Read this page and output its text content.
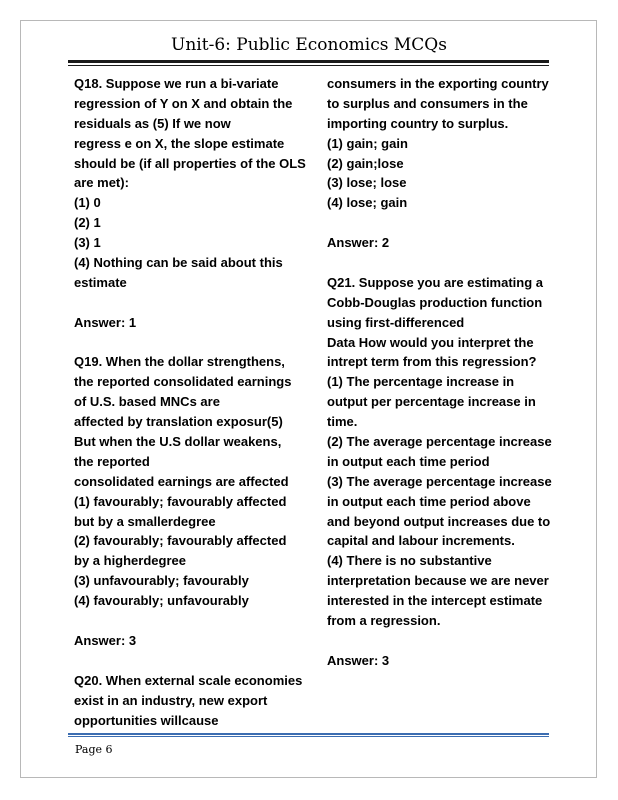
Unit-6: Public Economics MCQs
Q18. Suppose we run a bi-variate
regression of Y on X and obtain the
residuals as (5) If we now
regress e on X, the slope estimate
should be (if all properties of the OLS
are met):
(1) 0
(2) 1
(3) 1
(4) Nothing can be said about this
estimate
Answer: 1
Q19. When the dollar strengthens,
the reported consolidated earnings
of U.S. based MNCs are
affected by translation exposur(5)
But when the U.S dollar weakens,
the reported
consolidated earnings are affected
(1) favourably; favourably affected
but by a smallerdegree
(2) favourably; favourably affected
by a higherdegree
(3) unfavourably; favourably
(4) favourably; unfavourably
Answer: 3
Q20. When external scale economies
exist in an industry, new export
opportunities willcause
consumers in the exporting country
to surplus and consumers in the
importing country to surplus.
(1) gain; gain
(2) gain;lose
(3) lose; lose
(4) lose; gain
Answer: 2
Q21. Suppose you are estimating a
Cobb-Douglas production function
using first-differenced
Data How would you interpret the
intrept term from this regression?
(1) The percentage increase in
output per percentage increase in
time.
(2) The average percentage increase
in output each time period
(3) The average percentage increase
in output each time period above
and beyond output increases due to
capital and labour increments.
(4) There is no substantive
interpretation because we are never
interested in the intercept estimate
from a regression.
Answer: 3
Page 6
